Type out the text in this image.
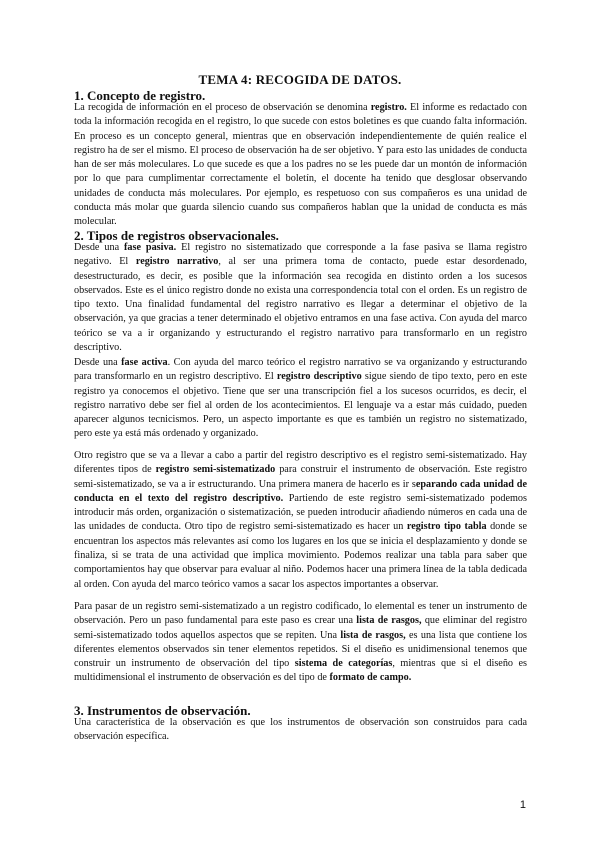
TEMA 4: RECOGIDA DE DATOS.
1. Concepto de registro.

La recogida de información en el proceso de observación se denomina registro. El informe es redactado con toda la información recogida en el registro, lo que sucede con estos boletines es que cuando falta información. En proceso es un concepto general, mientras que en observación independientemente de quién realice el registro ha de ser el mismo. El proceso de observación ha de ser objetivo. Y para esto las unidades de conducta han de ser más moleculares. Lo que sucede es que a los padres no se les puede dar un montón de información por lo que para cumplimentar correctamente el boletín, el docente ha tenido que desglosar observando unidades de conducta más moleculares. Por ejemplo, es respetuoso con sus compañeros es una unidad de conducta más molar que guarda silencio cuando sus compañeros hablan que la unidad de conducta es más molecular.

2. Tipos de registros observacionales.

Desde una fase pasiva. El registro no sistematizado que corresponde a la fase pasiva se llama registro negativo. El registro narrativo, al ser una primera toma de contacto, puede estar desordenado, desestructurado, es decir, es posible que la información sea recogida en distinto orden a los sucesos observados. Este es el único registro donde no exista una correspondencia total con el orden. Es un registro de tipo texto. Una finalidad fundamental del registro narrativo es llegar a determinar el objetivo de la observación, ya que gracias a tener determinado el objetivo entramos en una fase activa. Con ayuda del marco teórico se va a ir organizando y estructurando el registro narrativo para transformarlo en un registro descriptivo.

Desde una fase activa. Con ayuda del marco teórico el registro narrativo se va organizando y estructurando para transformarlo en un registro descriptivo. El registro descriptivo sigue siendo de tipo texto, pero en este registro ya conocemos el objetivo. Tiene que ser una transcripción fiel a los sucesos ocurridos, es decir, el registro narrativo debe ser fiel al orden de los acontecimientos. El lenguaje va a estar más cuidado, pueden aparecer algunos tecnicismos. Pero, un aspecto importante es que es también un registro no sistematizado, pero este ya está más ordenado y organizado.

Otro registro que se va a llevar a cabo a partir del registro descriptivo es el registro semi-sistematizado. Hay diferentes tipos de registro semi-sistematizado para construir el instrumento de observación. Este registro semi-sistematizado, se va a ir estructurando. Una primera manera de hacerlo es ir separando cada unidad de conducta en el texto del registro descriptivo. Partiendo de este registro semi-sistematizado podemos introducir más orden, organización o sistematización, se pueden introducir añadiendo números en cada una de las unidades de conducta. Otro tipo de registro semi-sistematizado es hacer un registro tipo tabla donde se encuentran los aspectos más relevantes así como los lugares en los que se inicia el desplazamiento y donde se finaliza, si se trata de una actividad que implica movimiento. Podemos realizar una tabla para saber que comportamientos hay que observar para evaluar al niño. Podemos hacer una primera línea de la tabla dedicada al orden. Con ayuda del marco teórico vamos a sacar los aspectos importantes a observar.

Para pasar de un registro semi-sistematizado a un registro codificado, lo elemental es tener un instrumento de observación. Pero un paso fundamental para este paso es crear una lista de rasgos, que eliminar del registro semi-sistematizado todos aquellos aspectos que se repiten. Una lista de rasgos, es una lista que contiene los diferentes elementos observados sin tener elementos repetidos. Si el diseño es unidimensional tenemos que construir un instrumento de observación del tipo sistema de categorías, mientras que si el diseño es multidimensional el instrumento de observación es del tipo de formato de campo.

3. Instrumentos de observación.

Una característica de la observación es que los instrumentos de observación son construidos para cada observación específica.

1
